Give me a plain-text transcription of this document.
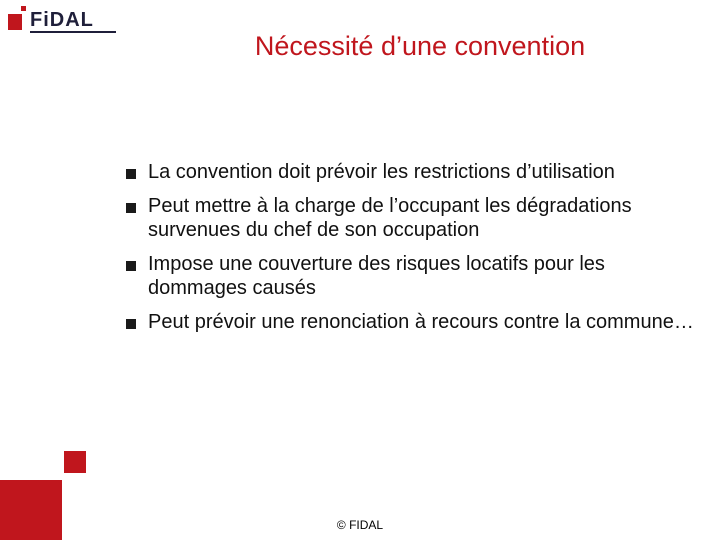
FiDAL
Nécessité d’une convention
La convention doit prévoir les restrictions d’utilisation
Peut mettre à la charge de l’occupant les dégradations survenues du chef de son occupation
Impose une couverture des risques locatifs pour les dommages causés
Peut prévoir une renonciation à recours contre la commune…
© FIDAL
